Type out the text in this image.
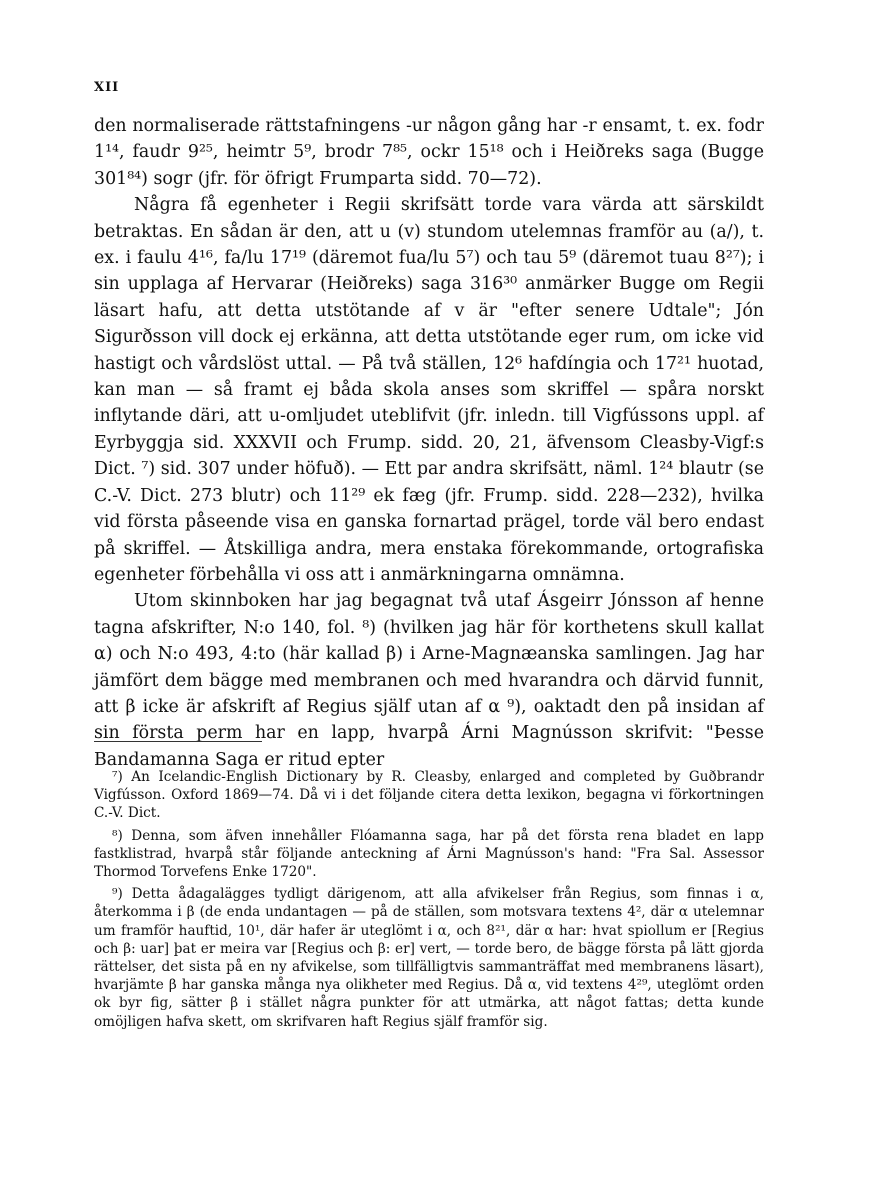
XII

den normaliserade rättstafningens -ur någon gång har -r ensamt, t. ex. fodr 1¹⁴, faudr 9²⁵, heimtr 5⁹, brodr 7⁸⁵, ockr 15¹⁸ och i Heiðreks saga (Bugge 301⁸⁴) sogr (jfr. för öfrigt Frumparta sidd. 70—72).

Några få egenheter i Regii skrifsätt torde vara värda att särskildt betraktas. En sådan är den, att u (v) stundom utelemnas framför au (a/), t. ex. i faulu 4¹⁶, fa/lu 17¹⁹ (däremot fua/lu 5⁷) och tau 5⁹ (däremot tuau 8²⁷); i sin upplaga af Hervarar (Heiðreks) saga 316³⁰ anmärker Bugge om Regii läsart hafu, att detta utstötande af v är "efter senere Udtale"; Jón Sigurðsson vill dock ej erkänna, att detta utstötande eger rum, om icke vid hastigt och vårdslöst uttal. — På två ställen, 12⁶ hafdíngia och 17²¹ huotad, kan man — så framt ej båda skola anses som skriffel — spåra norskt inflytande däri, att u-omljudet uteblifvit (jfr. inledn. till Vigfússons uppl. af Eyrbyggja sid. XXXVII och Frump. sidd. 20, 21, äfvensom Cleasby-Vigf:s Dict. ⁷) sid. 307 under höfuð). — Ett par andra skrifsätt, näml. 1²⁴ blautr (se C.-V. Dict. 273 blutr) och 11²⁹ ek fæg (jfr. Frump. sidd. 228—232), hvilka vid första påseende visa en ganska fornartad prägel, torde väl bero endast på skriffel. — Åtskilliga andra, mera enstaka förekommande, ortografiska egenheter förbehålla vi oss att i anmärkningarna omnämna.

Utom skinnboken har jag begagnat två utaf Ásgeirr Jónsson af henne tagna afskrifter, N:o 140, fol. ⁸) (hvilken jag här för korthetens skull kallat α) och N:o 493, 4:to (här kallad β) i Arne-Magnæanska samlingen. Jag har jämfört dem bägge med membranen och med hvarandra och därvid funnit, att β icke är afskrift af Regius själf utan af α ⁹), oaktadt den på insidan af sin första perm har en lapp, hvarpå Árni Magnússon skrifvit: "Þesse Bandamanna Saga er ritud epter

⁷) An Icelandic-English Dictionary by R. Cleasby, enlarged and completed by Guðbrandr Vigfússon. Oxford 1869—74. Då vi i det följande citera detta lexikon, begagna vi förkortningen C.-V. Dict.

⁸) Denna, som äfven innehåller Flóamanna saga, har på det första rena bladet en lapp fastklistrad, hvarpå står följande anteckning af Árni Magnússon's hand: "Fra Sal. Assessor Thormod Torvefens Enke 1720".

⁹) Detta ådagalägges tydligt därigenom, att alla afvikelser från Regius, som finnas i α, återkomma i β (de enda undantagen — på de ställen, som motsvara textens 4², där α utelemnar um framför hauftid, 10¹, där hafer är uteglömt i α, och 8²¹, där α har: hvat spiollum er [Regius och β: uar] þat er meira var [Regius och β: er] vert, — torde bero, de bägge första på lätt gjorda rättelser, det sista på en ny afvikelse, som tillfälligtvis sammanträffat med membranens läsart), hvarjämte β har ganska många nya olikheter med Regius. Då α, vid textens 4²⁹, uteglömt orden ok byr fig, sätter β i stället några punkter för att utmärka, att något fattas; detta kunde omöjligen hafva skett, om skrifvaren haft Regius själf framför sig.
